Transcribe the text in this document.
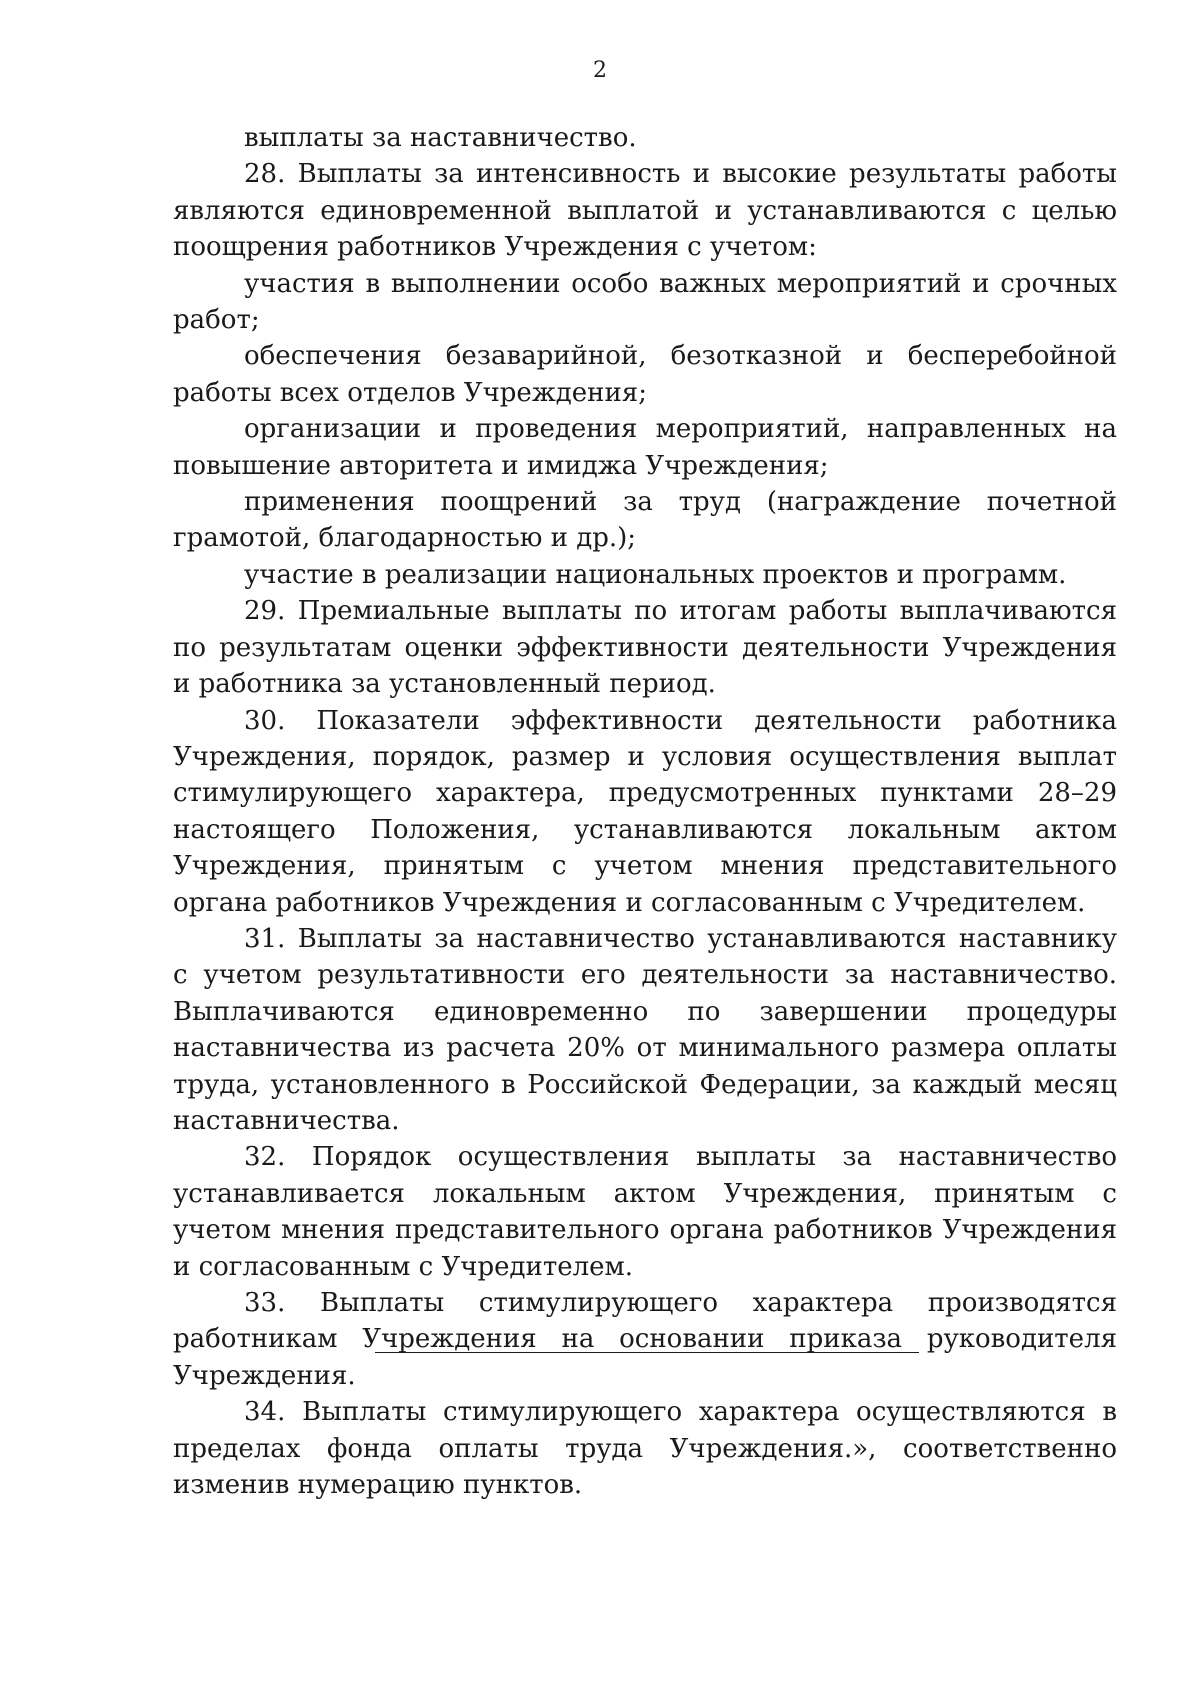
2

выплаты за наставничество.

28. Выплаты за интенсивность и высокие результаты работы являются единовременной выплатой и устанавливаются с целью поощрения работников Учреждения с учетом:

участия в выполнении особо важных мероприятий и срочных работ;

обеспечения безаварийной, безотказной и бесперебойной работы всех отделов Учреждения;

организации и проведения мероприятий, направленных на повышение авторитета и имиджа Учреждения;

применения поощрений за труд (награждение почетной грамотой, благодарностью и др.);

участие в реализации национальных проектов и программ.

29. Премиальные выплаты по итогам работы выплачиваются по результатам оценки эффективности деятельности Учреждения и работника за установленный период.

30. Показатели эффективности деятельности работника Учреждения, порядок, размер и условия осуществления выплат стимулирующего характера, предусмотренных пунктами 28–29 настоящего Положения, устанавливаются локальным актом Учреждения, принятым с учетом мнения представительного органа работников Учреждения и согласованным с Учредителем.

31. Выплаты за наставничество устанавливаются наставнику с учетом результативности его деятельности за наставничество. Выплачиваются единовременно по завершении процедуры наставничества из расчета 20% от минимального размера оплаты труда, установленного в Российской Федерации, за каждый месяц наставничества.

32. Порядок осуществления выплаты за наставничество устанавливается локальным актом Учреждения, принятым с учетом мнения представительного органа работников Учреждения и согласованным с Учредителем.

33. Выплаты стимулирующего характера производятся работникам Учреждения на основании приказа руководителя Учреждения.

34. Выплаты стимулирующего характера осуществляются в пределах фонда оплаты труда Учреждения.», соответственно изменив нумерацию пунктов.
